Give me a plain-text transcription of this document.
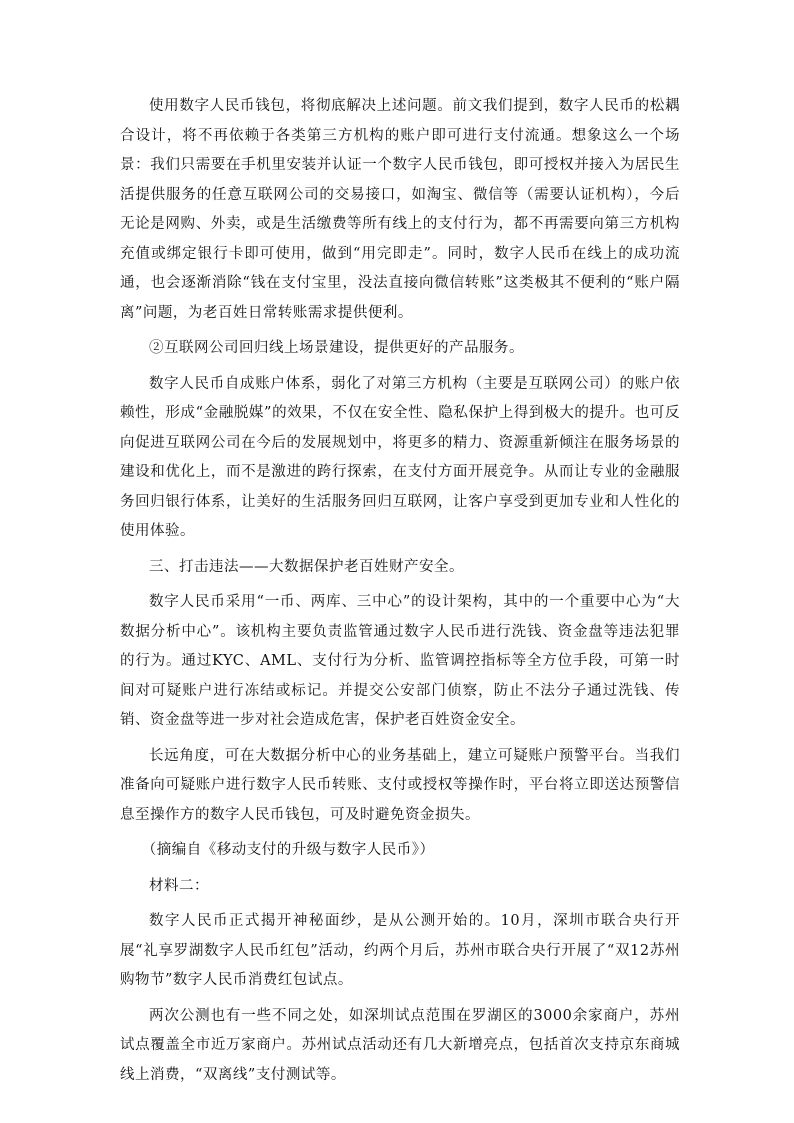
使用数字人民币钱包，将彻底解决上述问题。前文我们提到，数字人民币的松耦合设计，将不再依赖于各类第三方机构的账户即可进行支付流通。想象这么一个场景：我们只需要在手机里安装并认证一个数字人民币钱包，即可授权并接入为居民生活提供服务的任意互联网公司的交易接口，如淘宝、微信等（需要认证机构），今后无论是网购、外卖，或是生活缴费等所有线上的支付行为，都不再需要向第三方机构充值或绑定银行卡即可使用，做到“用完即走”。同时，数字人民币在线上的成功流通，也会逐渐消除“钱在支付宝里，没法直接向微信转账”这类极其不便利的“账户隔离”问题，为老百姓日常转账需求提供便利。

②互联网公司回归线上场景建设，提供更好的产品服务。

数字人民币自成账户体系，弱化了对第三方机构（主要是互联网公司）的账户依赖性，形成“金融脱媒”的效果，不仅在安全性、隐私保护上得到极大的提升。也可反向促进互联网公司在今后的发展规划中，将更多的精力、资源重新倾注在服务场景的建设和优化上，而不是激进的跨行探索，在支付方面开展竞争。从而让专业的金融服务回归银行体系，让美好的生活服务回归互联网，让客户享受到更加专业和人性化的使用体验。

三、打击违法——大数据保护老百姓财产安全。

数字人民币采用“一币、两库、三中心”的设计架构，其中的一个重要中心为“大数据分析中心”。该机构主要负责监管通过数字人民币进行洗钱、资金盘等违法犯罪的行为。通过KYC、AML、支付行为分析、监管调控指标等全方位手段，可第一时间对可疑账户进行冻结或标记。并提交公安部门侦察，防止不法分子通过洗钱、传销、资金盘等进一步对社会造成危害，保护老百姓资金安全。

长远角度，可在大数据分析中心的业务基础上，建立可疑账户预警平台。当我们准备向可疑账户进行数字人民币转账、支付或授权等操作时，平台将立即送达预警信息至操作方的数字人民币钱包，可及时避免资金损失。

（摘编自《移动支付的升级与数字人民币》）

材料二：

数字人民币正式揭开神秘面纱，是从公测开始的。10月，深圳市联合央行开展“礼享罗湖数字人民币红包”活动，约两个月后，苏州市联合央行开展了“双12苏州购物节”数字人民币消费红包试点。

两次公测也有一些不同之处，如深圳试点范围在罗湖区的3000余家商户，苏州试点覆盖全市近万家商户。苏州试点活动还有几大新增亮点，包括首次支持京东商城线上消费，“双离线”支付测试等。
